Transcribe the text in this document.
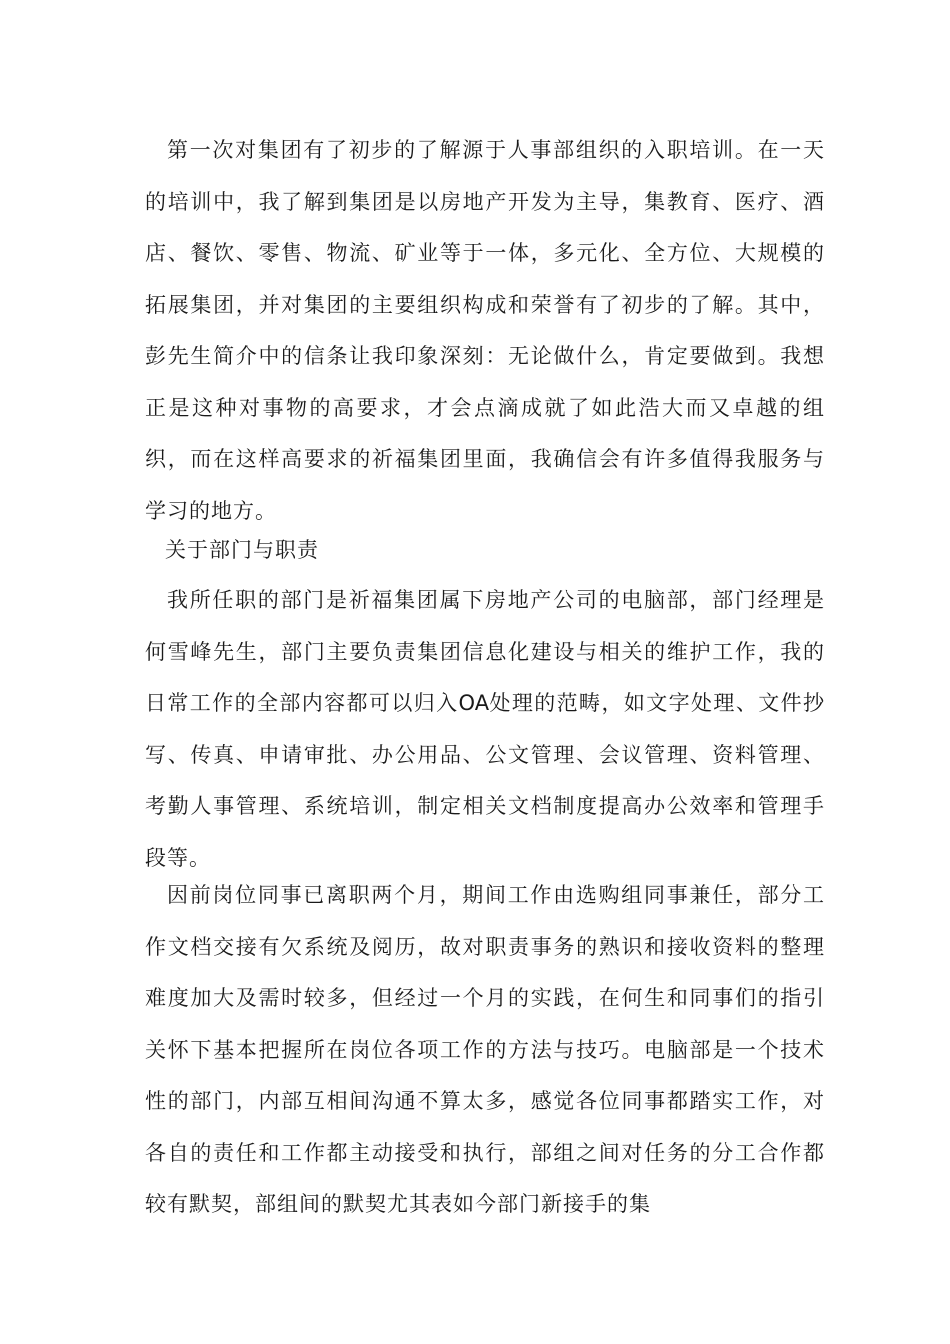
第一次对集团有了初步的了解源于人事部组织的入职培训。在一天的培训中，我了解到集团是以房地产开发为主导，集教育、医疗、酒店、餐饮、零售、物流、矿业等于一体，多元化、全方位、大规模的拓展集团，并对集团的主要组织构成和荣誉有了初步的了解。其中，彭先生简介中的信条让我印象深刻：无论做什么，肯定要做到。我想正是这种对事物的高要求，才会点滴成就了如此浩大而又卓越的组织，而在这样高要求的祈福集团里面，我确信会有许多值得我服务与学习的地方。

关于部门与职责

我所任职的部门是祈福集团属下房地产公司的电脑部，部门经理是何雪峰先生，部门主要负责集团信息化建设与相关的维护工作，我的日常工作的全部内容都可以归入OA处理的范畴，如文字处理、文件抄写、传真、申请审批、办公用品、公文管理、会议管理、资料管理、考勤人事管理、系统培训，制定相关文档制度提高办公效率和管理手段等。

因前岗位同事已离职两个月，期间工作由选购组同事兼任，部分工作文档交接有欠系统及阅历，故对职责事务的熟识和接收资料的整理难度加大及需时较多，但经过一个月的实践，在何生和同事们的指引关怀下基本把握所在岗位各项工作的方法与技巧。电脑部是一个技术性的部门，内部互相间沟通不算太多，感觉各位同事都踏实工作，对各自的责任和工作都主动接受和执行，部组之间对任务的分工合作都较有默契，部组间的默契尤其表如今部门新接手的集
